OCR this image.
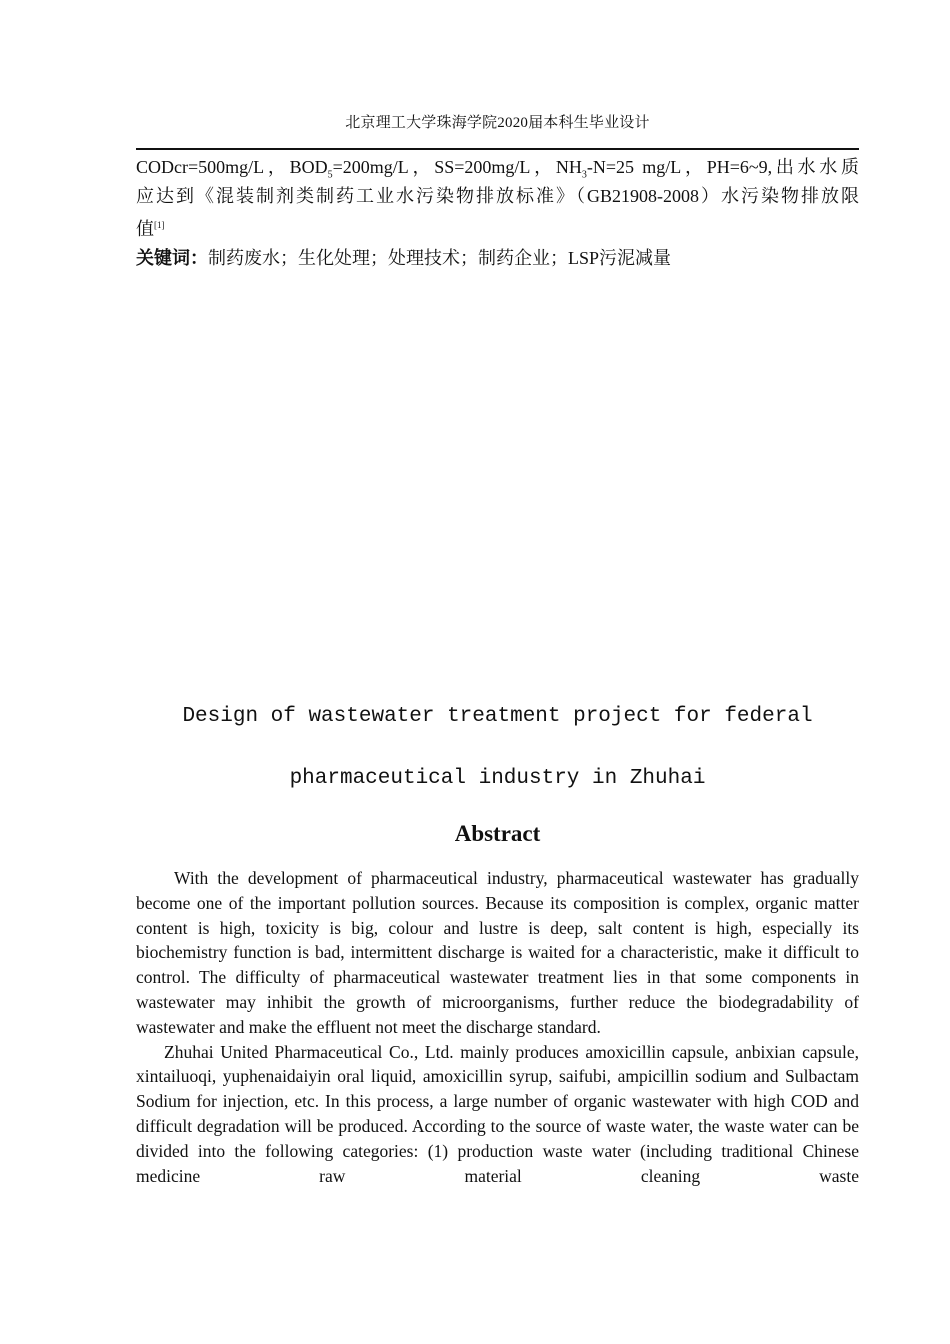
北京理工大学珠海学院2020届本科生毕业设计
CODcr=500mg/L，$BOD_5=200mg/L$，SS=200mg/L，$NH_3-N=25$ mg/L，PH=6~9,出水水质
应达到《混装制剂类制药工业水污染物排放标准》（GB21908-2008）水污染物排放限
值[1]
关键词：制药废水；生化处理；处理技术；制药企业；LSP污泥减量
Design of wastewater treatment project for federal
pharmaceutical industry in Zhuhai
Abstract

With the development of pharmaceutical industry, pharmaceutical wastewater has gradually become one of the important pollution sources. Because its composition is complex, organic matter content is high, toxicity is big, colour and lustre is deep, salt content is high, especially its biochemistry function is bad, intermittent discharge is waited for a characteristic, make it difficult to control. The difficulty of pharmaceutical wastewater treatment lies in that some components in wastewater may inhibit the growth of microorganisms, further reduce the biodegradability of wastewater and make the effluent not meet the discharge standard.

Zhuhai United Pharmaceutical Co., Ltd. mainly produces amoxicillin capsule, anbixian capsule, xintailuoqi, yuphenaidaiyin oral liquid, amoxicillin syrup, saifubi, ampicillin sodium and Sulbactam Sodium for injection, etc. In this process, a large number of organic wastewater with high COD and difficult degradation will be produced. According to the source of waste water, the waste water can be divided into the following categories: (1) production waste water (including traditional Chinese medicine raw material cleaning waste
